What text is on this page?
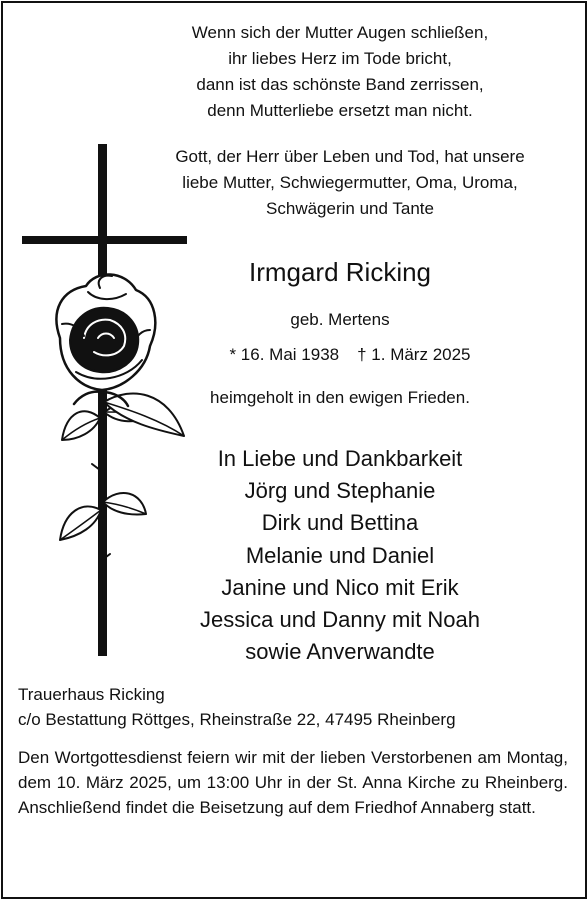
Wenn sich der Mutter Augen schließen,
ihr liebes Herz im Tode bricht,
dann ist das schönste Band zerrissen,
denn Mutterliebe ersetzt man nicht.
Gott, der Herr über Leben und Tod, hat unsere
liebe Mutter, Schwiegermutter, Oma, Uroma,
Schwägerin und Tante
Irmgard Ricking
geb. Mertens
* 16. Mai 1938 † 1. März 2025
heimgeholt in den ewigen Frieden.
In Liebe und Dankbarkeit
Jörg und Stephanie
Dirk und Bettina
Melanie und Daniel
Janine und Nico mit Erik
Jessica und Danny mit Noah
sowie Anverwandte
Trauerhaus Ricking
c/o Bestattung Röttges, Rheinstraße 22, 47495 Rheinberg
Den Wortgottesdienst feiern wir mit der lieben Verstorbenen am Montag, dem 10. März 2025, um 13:00 Uhr in der St. Anna Kirche zu Rheinberg. Anschließend findet die Beisetzung auf dem Friedhof Annaberg statt.
